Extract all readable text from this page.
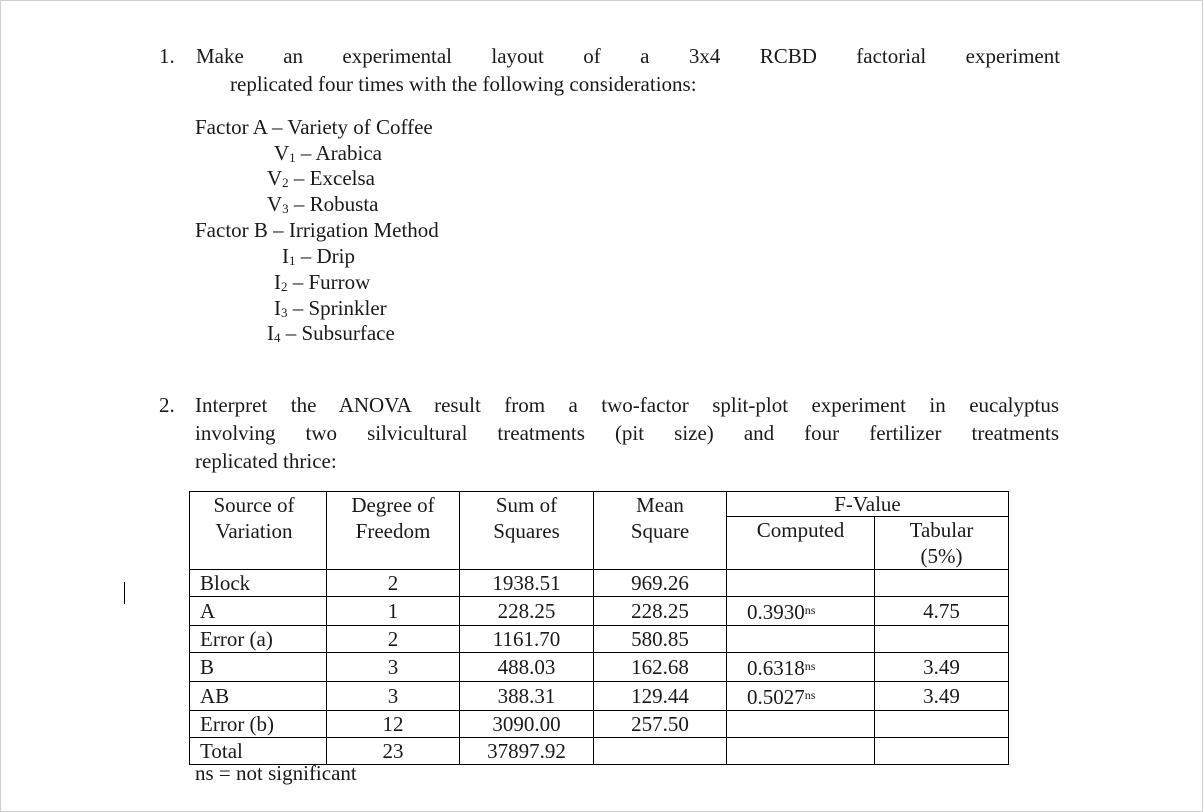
1. Make an experimental layout of a 3x4 RCBD factorial experiment
replicated four times with the following considerations:
Factor A – Variety of Coffee
$V_1$ – Arabica
$V_2$ – Excelsa
$V_3$ – Robusta
Factor B – Irrigation Method
$I_1$ – Drip
$I_2$ – Furrow
$I_3$ – Sprinkler
$I_4$ – Subsurface
2. Interpret the ANOVA result from a two-factor split-plot experiment in eucalyptus
involving two silvicultural treatments (pit size) and four fertilizer treatments
replicated thrice:
Source of Variation	Degree of Freedom	Sum of Squares	Mean Square	F-Value	
				Computed	Tabular (5%)

Block	2	1938.51	969.26		
A	1	228.25	228.25	$0.3930^{ns}$	4.75
Error (a)	2	1161.70	580.85		
B	3	488.03	162.68	$0.6318^{ns}$	3.49
AB	3	388.31	129.44	$0.5027^{ns}$	3.49
Error (b)	12	3090.00	257.50		
Total	23	37897.92			
ns = not significant
